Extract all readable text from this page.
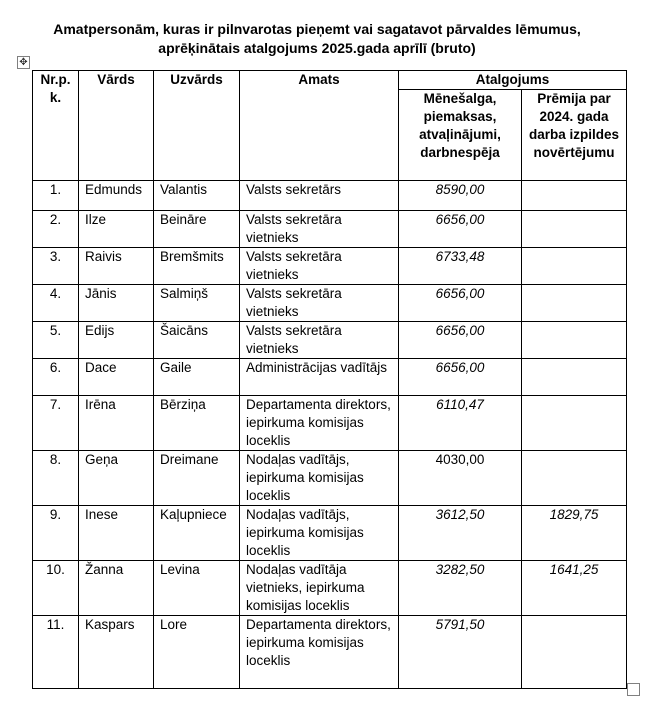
Amatpersonām, kuras ir pilnvarotas pieņemt vai sagatavot pārvaldes lēmumus,
aprēķinātais atalgojums 2025.gada aprīlī (bruto)
✥
Nr.p. k.	Vārds	Uzvārds	Amats	Atalgojums	
				Mēnešalga, piemaksas, atvaļinājumi, darbnespēja	Prēmija par 2024. gada darba izpildes novērtējumu
1.	Edmunds	Valantis	Valsts sekretārs	8590,00	
2.	Ilze	Beināre	Valsts sekretāra vietnieks	6656,00	
3.	Raivis	Bremšmits	Valsts sekretāra vietnieks	6733,48	
4.	Jānis	Salmiņš	Valsts sekretāra vietnieks	6656,00	
5.	Edijs	Šaicāns	Valsts sekretāra vietnieks	6656,00	
6.	Dace	Gaile	Administrācijas vadītājs	6656,00	
7.	Irēna	Bērziņa	Departamenta direktors, iepirkuma komisijas loceklis	6110,47	
8.	Geņa	Dreimane	Nodaļas vadītājs, iepirkuma komisijas loceklis	4030,00	
9.	Inese	Kaļupniece	Nodaļas vadītājs, iepirkuma komisijas loceklis	3612,50	1829,75
10.	Žanna	Levina	Nodaļas vadītāja vietnieks, iepirkuma komisijas loceklis	3282,50	1641,25
11.	Kaspars	Lore	Departamenta direktors, iepirkuma komisijas loceklis	5791,50	
